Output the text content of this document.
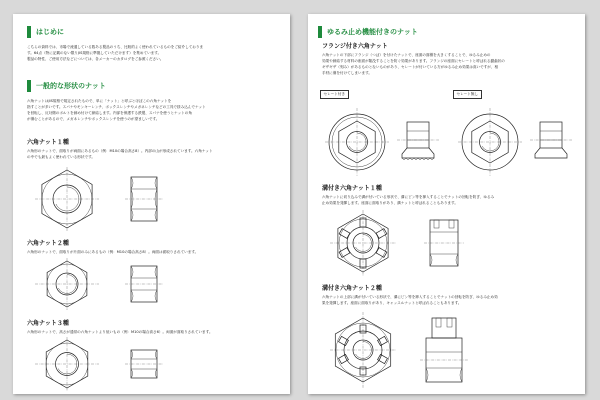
はじめに
こちらの資料では、市場で流通している数ある製品のうち、比較的よく使われているものをご紹介しておりま
す。64点（特に記載のない限りJIS規格に準拠していただけます）を集めています。
製品の特性、ご使用方法などについては、各メーカーのカタログをご参照ください。
一般的な形状のナット
六角ナットはJIS規格で規定されたもので、単に「ナット」と呼ぶとほぼこの六角ナットを
指すことが多いです。スパナやモンキーレンチ、ボックスレンチやメガネレンチなどの工具で挟み込んでナット
を回転し、反対側のボルトを締め付けて締結します。内部を保護する鉄製、スパナを使うとナットの角
が傷むことがあるので、メガネレンチやボックスレンチを使うのが望ましいです。
六角ナット１種
六角形のナットで、面取りが両面にあるもの（例：M10の場合高さ8）。内部の山が形成されています。六角ナット
の中でも最もよく使われている形状です。
六角ナット２種
六角形のナットで、面取りが片面のみにあるもの（例：M10の場合高さ8）。両面は面取りされています。
六角ナット３種
六角形のナットで、高さが通常の六角ナットより低いもの（例：M10の場合高さ6）。両面が面取りされています。
ゆるみ止め機能付きのナット
フランジ付き六角ナット
六角ナットの下部にフランジ（つば）を付けたナットで、座面の面積を大きくすることで、ゆるみ止めの
効果や締結する材料の座面が陥没することを防ぐ効果があります。フランジの座面にセレートと呼ばれる鋸歯状の
ギザギザ（刻み）があるものとないものがあり、セレートが付いている方がゆるみ止め効果は高いですが、相
手材に傷を付けてしまいます。
セレート付き	セレート無し
溝付き六角ナット１種
六角ナットに切り込みで溝が付いている形状で、溝にピン等を挿入することでナットの回転を防ぎ、ゆるみ
止め効果を発揮します。座面に面取りがあり、溝ナットと呼ばれることもあります。
溝付き六角ナット２種
六角ナットの上部に溝が付いている形状で、溝にピン等を挿入することでナットの回転を防ぎ、ゆるみ止め効
果を発揮します。座面に面取りがあり、キャッスルナットと呼ばれることもあります。
